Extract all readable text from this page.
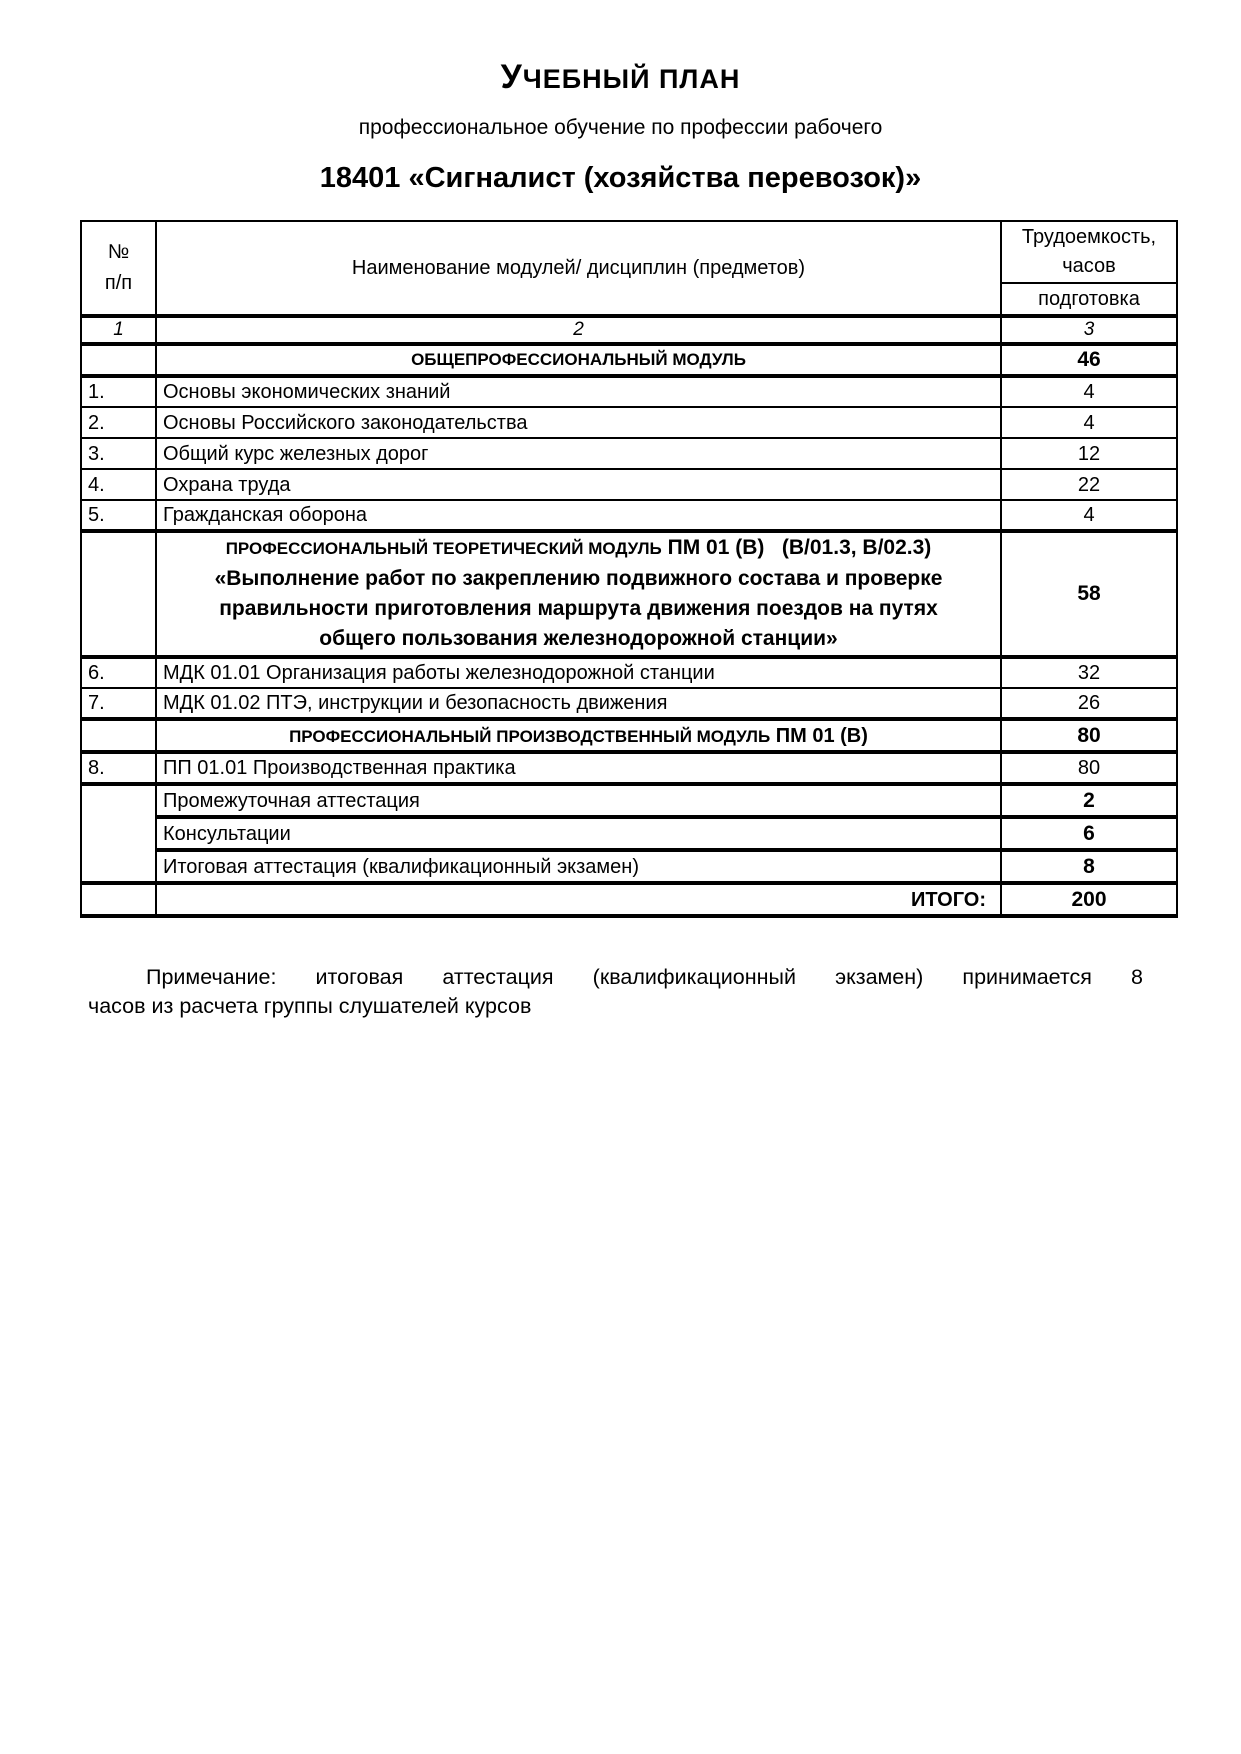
УЧЕБНЫЙ ПЛАН
профессиональное обучение по профессии рабочего
18401 «Сигналист (хозяйства перевозок)»
№ п/п	Наименование модулей/ дисциплин (предметов)	Трудоемкость,
часов
		подготовка
1	2	3
	ОБЩЕПРОФЕССИОНАЛЬНЫЙ МОДУЛЬ	46
1.	Основы экономических знаний	4
2.	Основы Российского законодательства	4
3.	Общий курс железных дорог	12
4.	Охрана труда	22
5.	Гражданская оборона	4

	ПРОФЕССИОНАЛЬНЫЙ ТЕОРЕТИЧЕСКИЙ МОДУЛЬ ПМ 01 (В)   (В/01.3, В/02.3)
«Выполнение работ по закреплению подвижного состава и проверке
правильности приготовления маршрута движения поездов на путях
общего пользования железнодорожной станции»	58
6.	МДК 01.01 Организация работы железнодорожной станции	32
7.	МДК 01.02 ПТЭ, инструкции и безопасность движения	26
	ПРОФЕССИОНАЛЬНЫЙ ПРОИЗВОДСТВЕННЫЙ МОДУЛЬ ПМ 01 (В)	80
8.	ПП 01.01 Производственная практика	80
	Промежуточная аттестация	2
	Консультации	6
	Итоговая аттестация (квалификационный экзамен)	8
	ИТОГО:	200
Примечание: итоговая аттестация (квалификационный экзамен) принимается 8
часов из расчета группы слушателей курсов
